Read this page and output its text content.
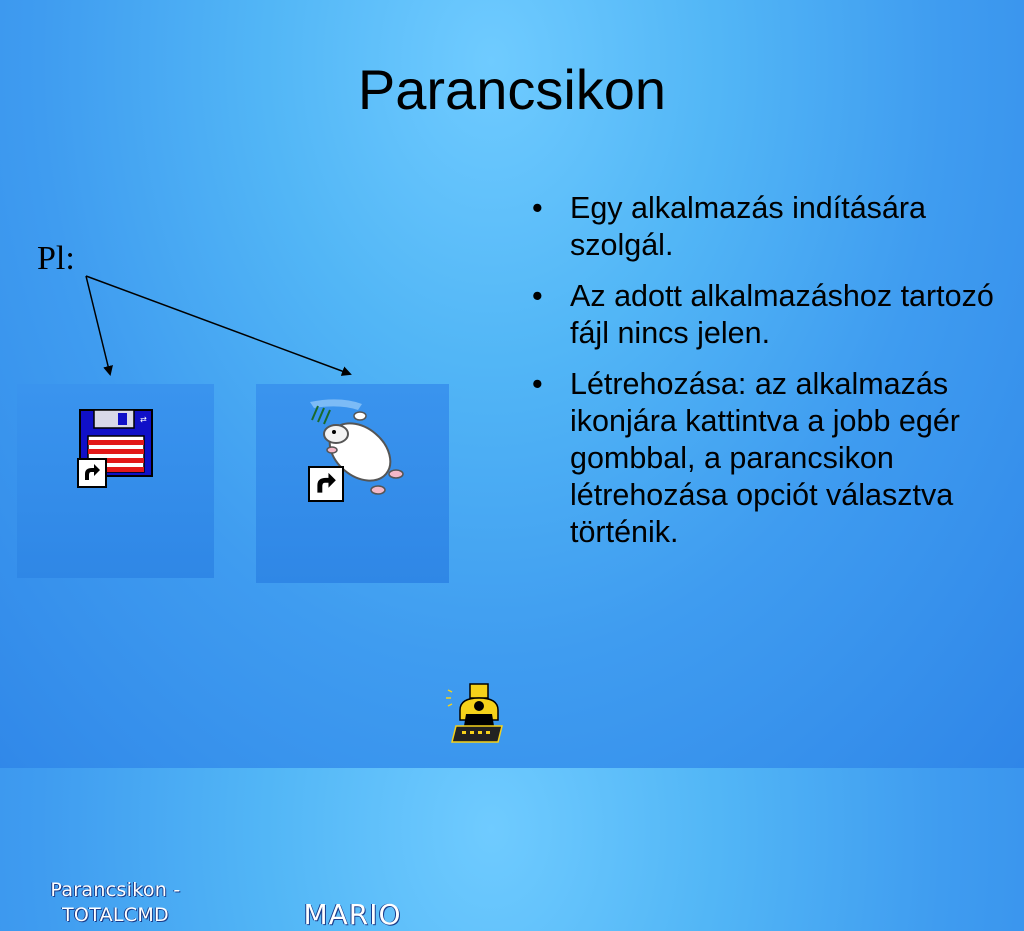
Parancsikon
Pl:
• Egy alkalmazás indítására szolgál.
• Az adott alkalmazáshoz tartozó fájl nincs jelen.
• Létrehozása: az alkalmazás ikonjára kattintva a jobb egér gombbal, a parancsikon létrehozása opciót választva történik.
Parancsikon - TOTALCMD
⇄
MARIO
